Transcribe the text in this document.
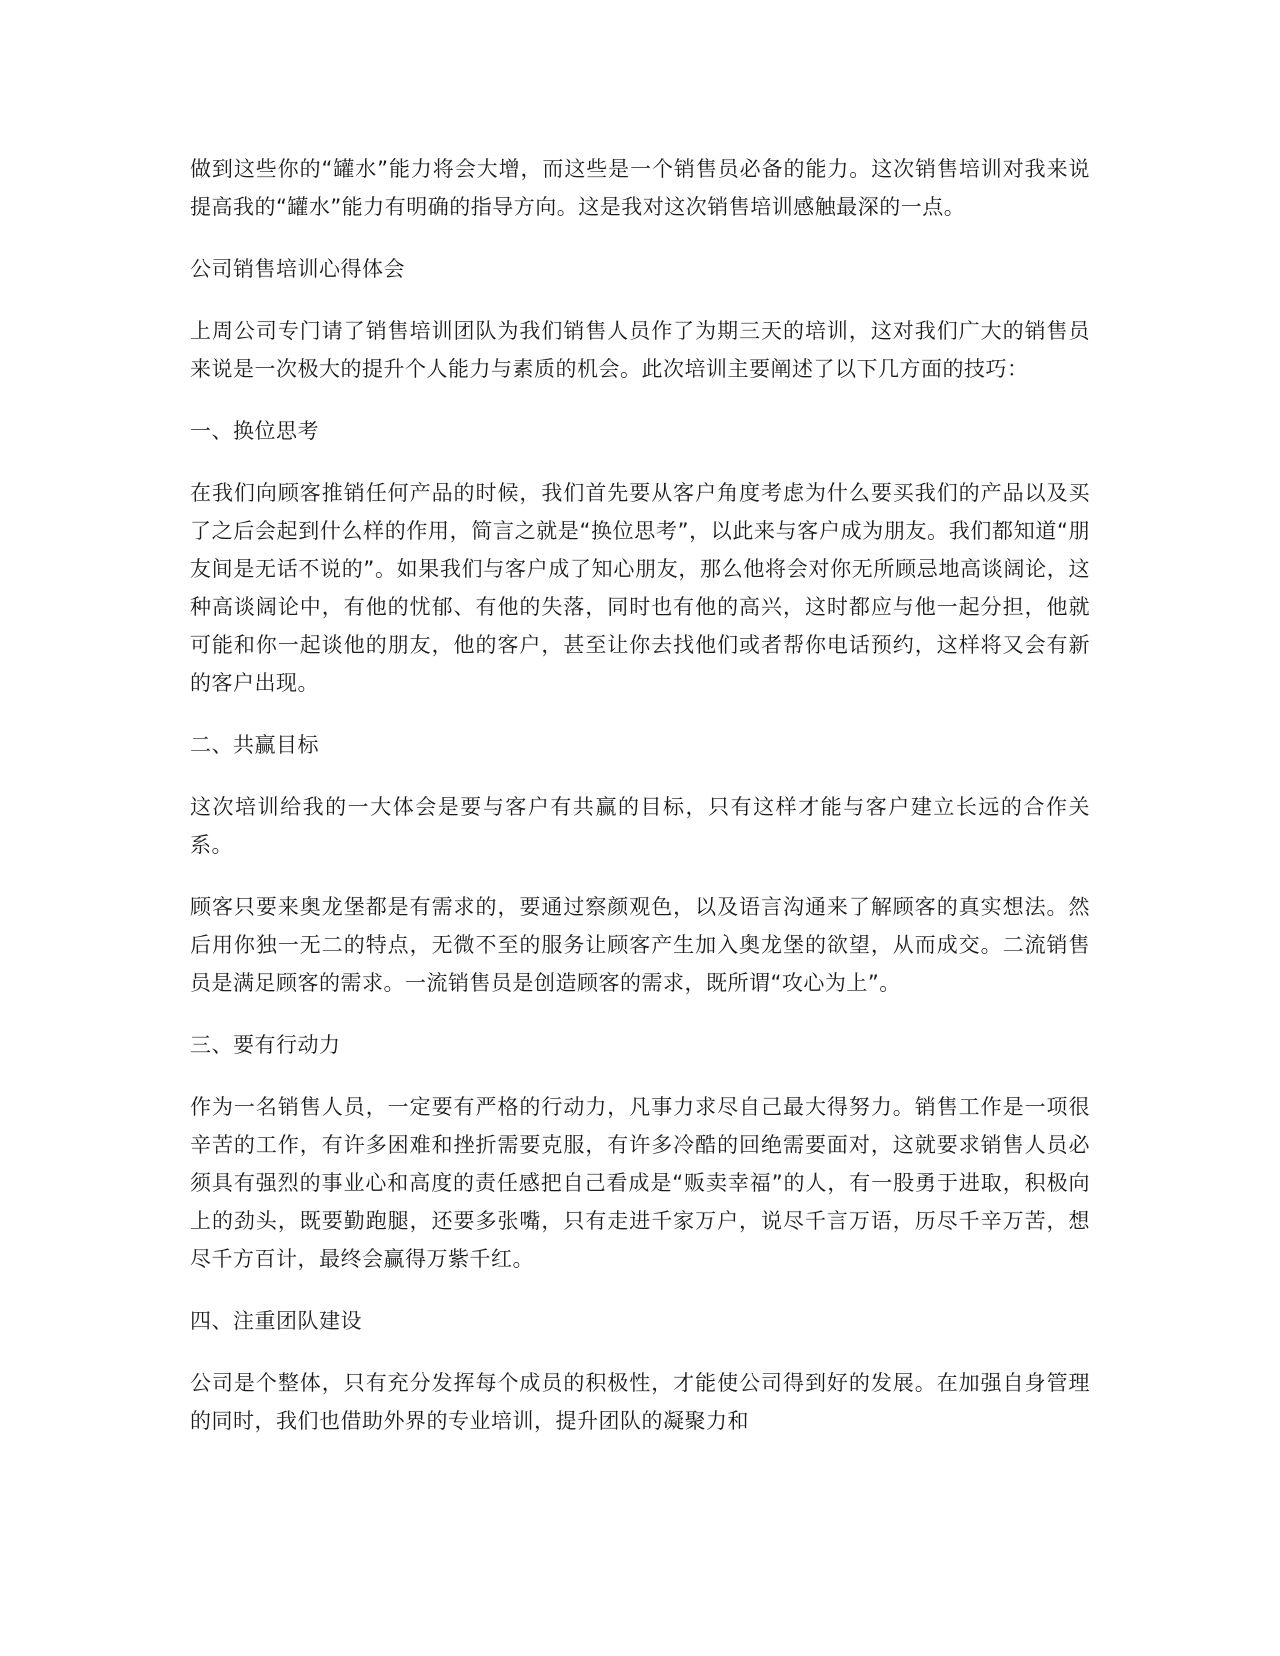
做到这些你的“罐水”能力将会大增，而这些是一个销售员必备的能力。这次销售培训对我来说提高我的“罐水”能力有明确的指导方向。这是我对这次销售培训感触最深的一点。

公司销售培训心得体会

上周公司专门请了销售培训团队为我们销售人员作了为期三天的培训，这对我们广大的销售员来说是一次极大的提升个人能力与素质的机会。此次培训主要阐述了以下几方面的技巧：

一、换位思考

在我们向顾客推销任何产品的时候，我们首先要从客户角度考虑为什么要买我们的产品以及买了之后会起到什么样的作用，简言之就是“换位思考”，以此来与客户成为朋友。我们都知道“朋友间是无话不说的”。如果我们与客户成了知心朋友，那么他将会对你无所顾忌地高谈阔论，这种高谈阔论中，有他的忧郁、有他的失落，同时也有他的高兴，这时都应与他一起分担，他就可能和你一起谈他的朋友，他的客户，甚至让你去找他们或者帮你电话预约，这样将又会有新的客户出现。

二、共赢目标

这次培训给我的一大体会是要与客户有共赢的目标，只有这样才能与客户建立长远的合作关系。

顾客只要来奥龙堡都是有需求的，要通过察颜观色，以及语言沟通来了解顾客的真实想法。然后用你独一无二的特点，无微不至的服务让顾客产生加入奥龙堡的欲望，从而成交。二流销售员是满足顾客的需求。一流销售员是创造顾客的需求，既所谓“攻心为上”。

三、要有行动力

作为一名销售人员，一定要有严格的行动力，凡事力求尽自己最大得努力。销售工作是一项很辛苦的工作，有许多困难和挫折需要克服，有许多冷酷的回绝需要面对，这就要求销售人员必须具有强烈的事业心和高度的责任感把自己看成是“贩卖幸福”的人，有一股勇于进取，积极向上的劲头，既要勤跑腿，还要多张嘴，只有走进千家万户，说尽千言万语，历尽千辛万苦，想尽千方百计，最终会赢得万紫千红。

四、注重团队建设

公司是个整体，只有充分发挥每个成员的积极性，才能使公司得到好的发展。在加强自身管理的同时，我们也借助外界的专业培训，提升团队的凝聚力和
